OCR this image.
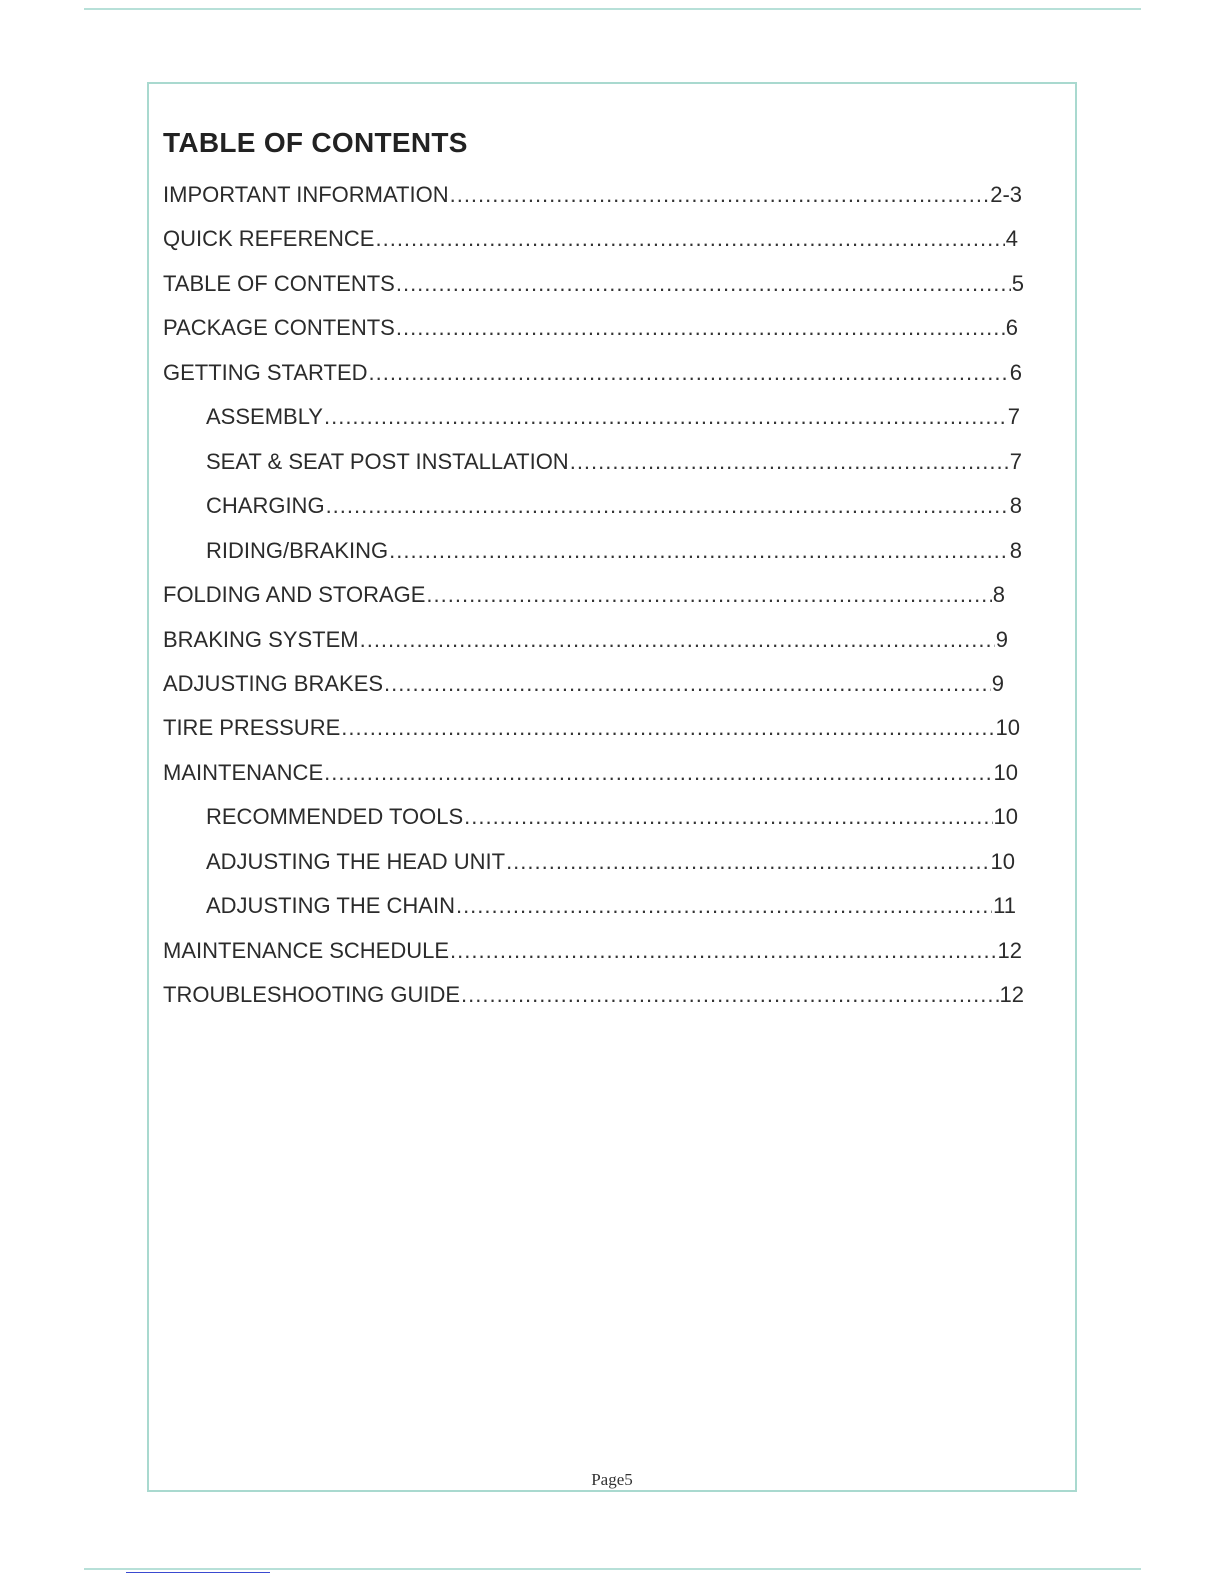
TABLE OF CONTENTS
IMPORTANT INFORMATION .....	2-3
QUICK REFERENCE .....	4
TABLE OF CONTENTS .....	5
PACKAGE CONTENTS .....	6
GETTING STARTED .....	6
ASSEMBLY .....	7
SEAT & SEAT POST INSTALLATION .....	7
CHARGING .....	8
RIDING/BRAKING .....	8
FOLDING AND STORAGE .....	8
BRAKING SYSTEM .....	9
ADJUSTING BRAKES .....	9
TIRE PRESSURE .....	10
MAINTENANCE .....	10
RECOMMENDED TOOLS .....	10
ADJUSTING THE HEAD UNIT .....	10
ADJUSTING THE CHAIN .....	11
MAINTENANCE SCHEDULE .....	12
TROUBLESHOOTING GUIDE .....	12
Page5
